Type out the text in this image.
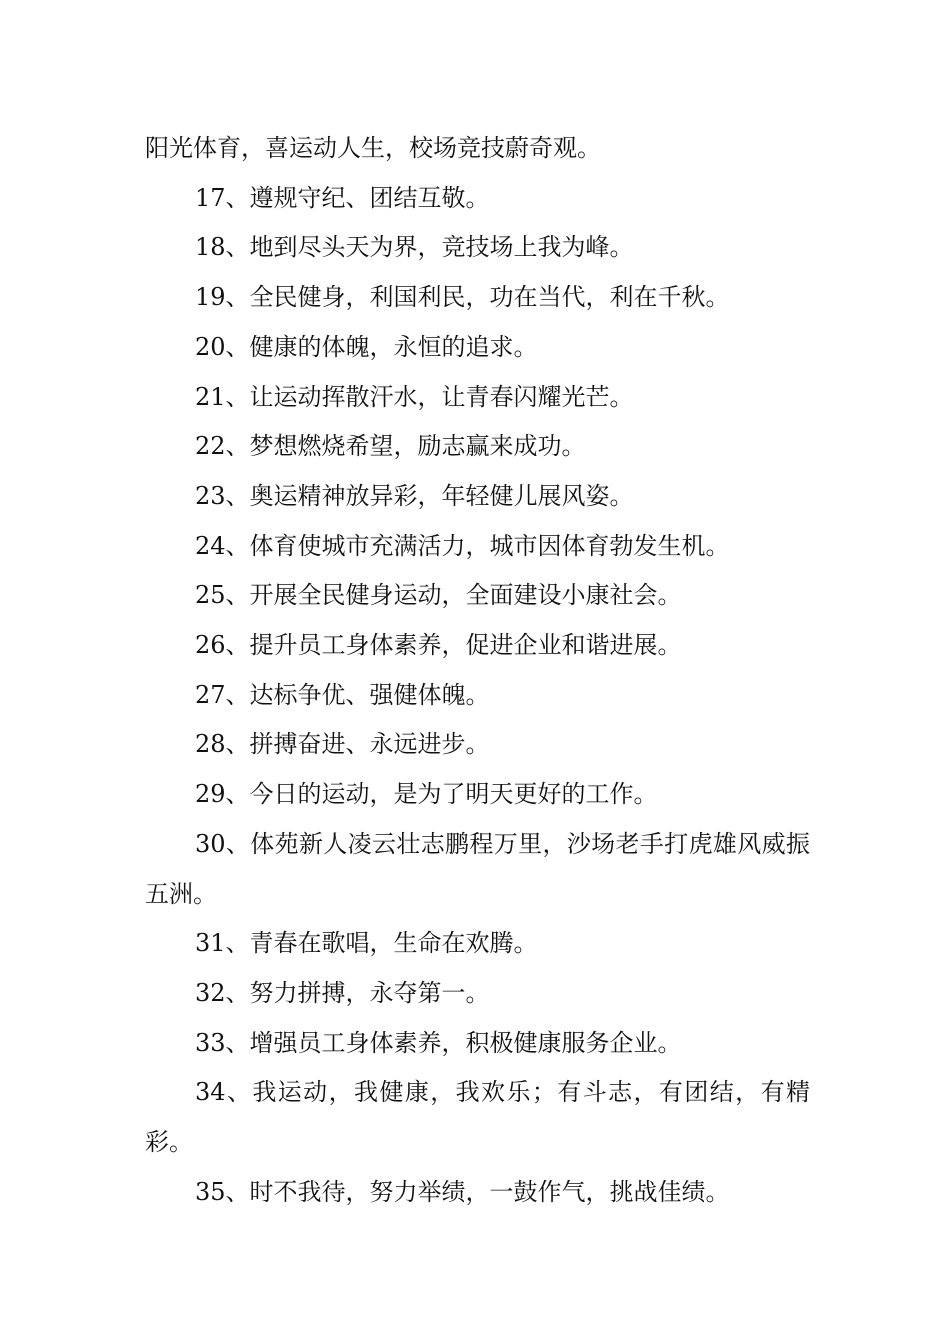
阳光体育，喜运动人生，校场竞技蔚奇观。

17、遵规守纪、团结互敬。

18、地到尽头天为界，竞技场上我为峰。

19、全民健身，利国利民，功在当代，利在千秋。

20、健康的体魄，永恒的追求。

21、让运动挥散汗水，让青春闪耀光芒。

22、梦想燃烧希望，励志赢来成功。

23、奥运精神放异彩，年轻健儿展风姿。

24、体育使城市充满活力，城市因体育勃发生机。

25、开展全民健身运动，全面建设小康社会。

26、提升员工身体素养，促进企业和谐进展。

27、达标争优、强健体魄。

28、拼搏奋进、永远进步。

29、今日的运动，是为了明天更好的工作。

30、体苑新人凌云壮志鹏程万里，沙场老手打虎雄风威振五洲。

31、青春在歌唱，生命在欢腾。

32、努力拼搏，永夺第一。

33、增强员工身体素养，积极健康服务企业。

34、我运动，我健康，我欢乐；有斗志，有团结，有精彩。

35、时不我待，努力举绩，一鼓作气，挑战佳绩。
